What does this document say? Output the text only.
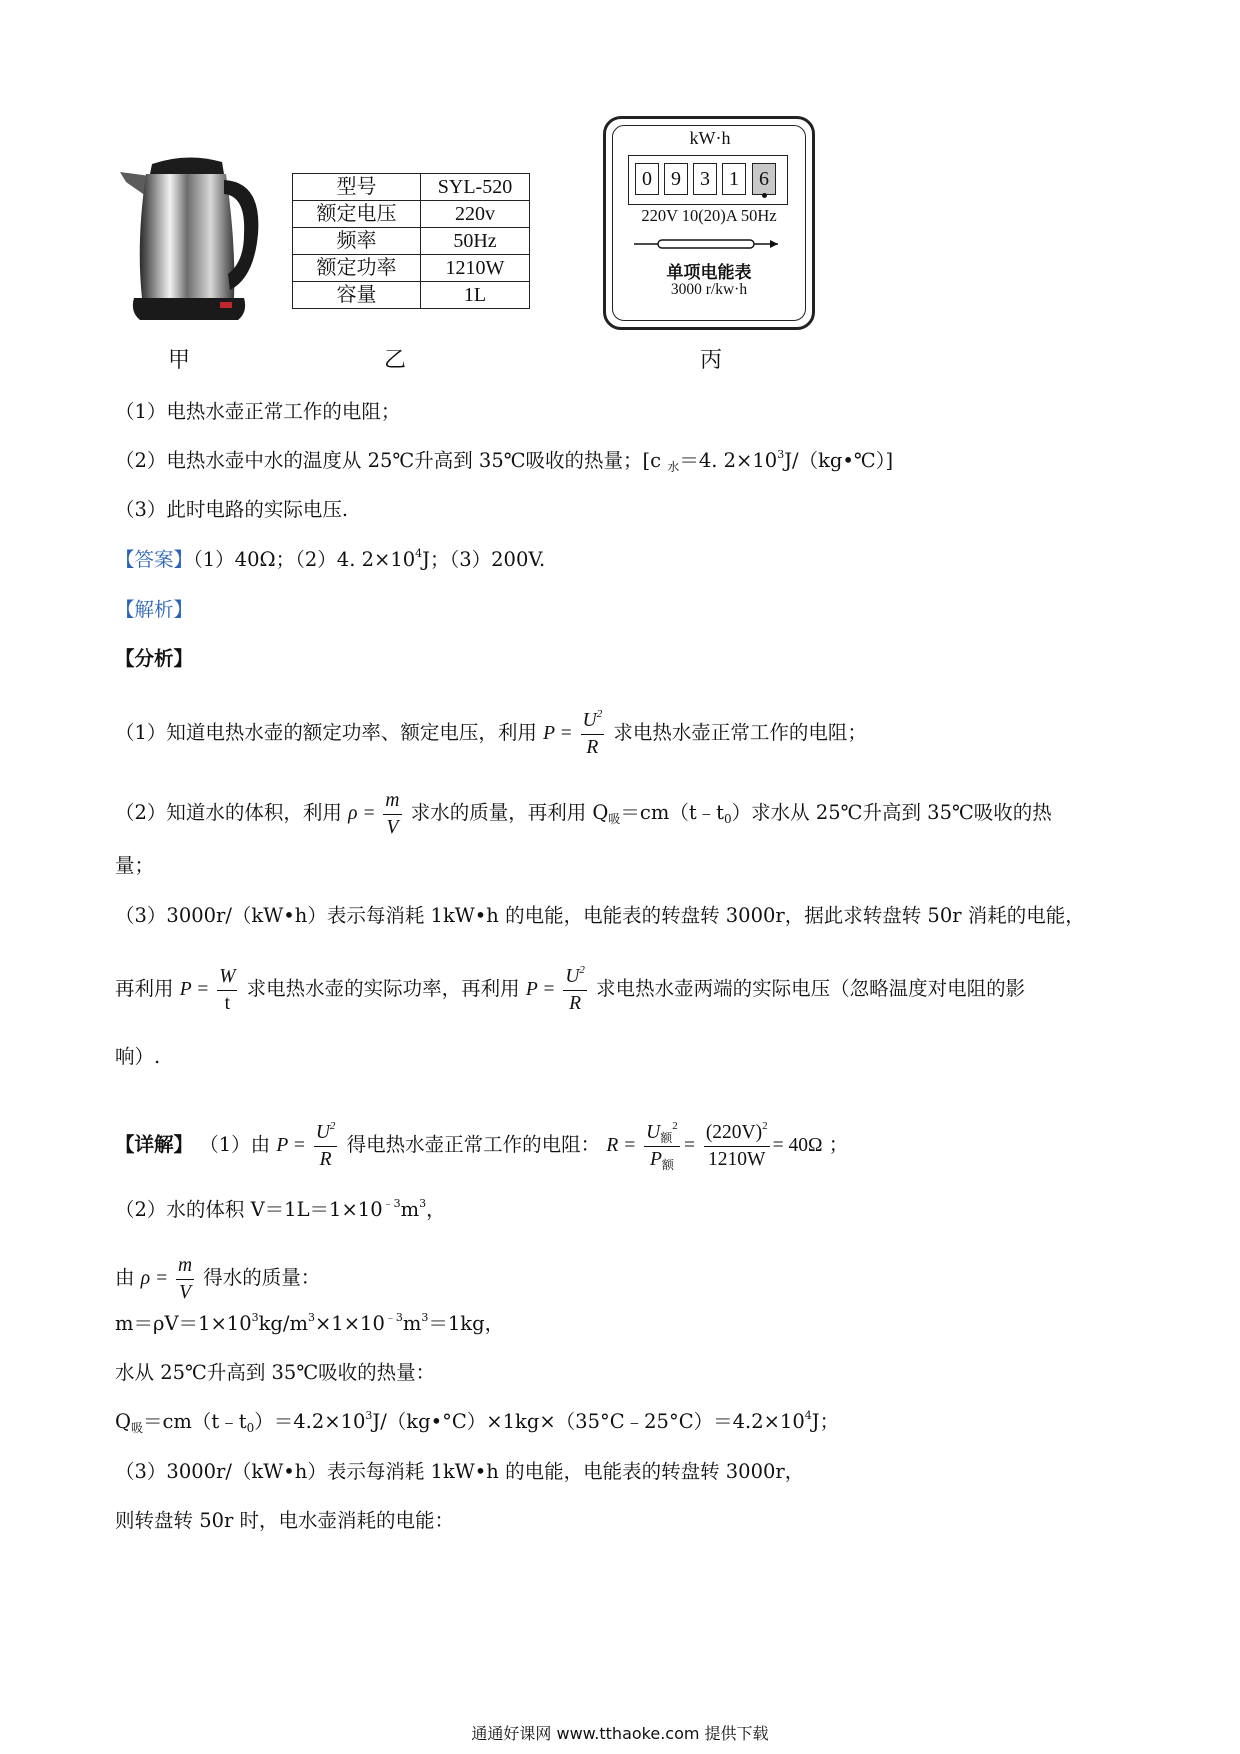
甲
型号	SYL-520
额定电压	220v
频率	50Hz
额定功率	1210W
容量	1L
乙
kW·h
0 9 3 1	6
220V 10(20)A 50Hz
单项电能表
3000 r/kw·h
丙
（1）电热水壶正常工作的电阻；
（2）电热水壶中水的温度从 25℃升高到 35℃吸收的热量；[c $_水$＝4. $2\times 10^3J/(kg•℃)$]
（3）此时电路的实际电压.
【答案】（1）40Ω；（2）4. $2\times 10^4J$；（3）200V.
【解析】
【分析】
（1）知道电热水壶的额定功率、额定电压，利用 $P = \frac{U^2}{R}$ 求电热水壶正常工作的电阻；
（2）知道水的体积，利用 $\rho = \frac{m}{V}$ 求水的质量，再利用 $Q_吸=cm(t﹣t_0)$求水从 25℃升高到 35℃吸收的热
量；
（3）3000r/（kW•h）表示每消耗 1kW•h 的电能，电能表的转盘转 3000r，据此求转盘转 50r 消耗的电能，
再利用 $P = \frac{W}{t}$ 求电热水壶的实际功率，再利用 $P = \frac{U^2}{R}$ 求电热水壶两端的实际电压（忽略温度对电阻的影
响）.
【详解】 （1）由 $P = \frac{U^2}{R}$ 得电热水壶正常工作的电阻： $R = \frac{U_额^2}{P_额} = \frac{(220V)^2}{1210W} = 40\Omega$ ；
（2）水的体积 $V=1L=1\times 10^{﹣3}m^3$，
由 $\rho = \frac{m}{V}$ 得水的质量：
$m=\rho V=1\times 10^3kg/m^3\times 1\times 10^{﹣3}m^3=1kg$，
水从 25℃升高到 35℃吸收的热量：
$Q_吸=cm(t﹣t_0)=4.2\times 10^3J/(kg•^\circ C)\times 1kg\times(35^\circ C﹣25^\circ C)=4.2\times 10^4J$；
（3）3000r/（kW•h）表示每消耗 1kW•h 的电能，电能表的转盘转 3000r，
则转盘转 50r 时，电水壶消耗的电能：
通通好课网 www.tthaoke.com 提供下载
